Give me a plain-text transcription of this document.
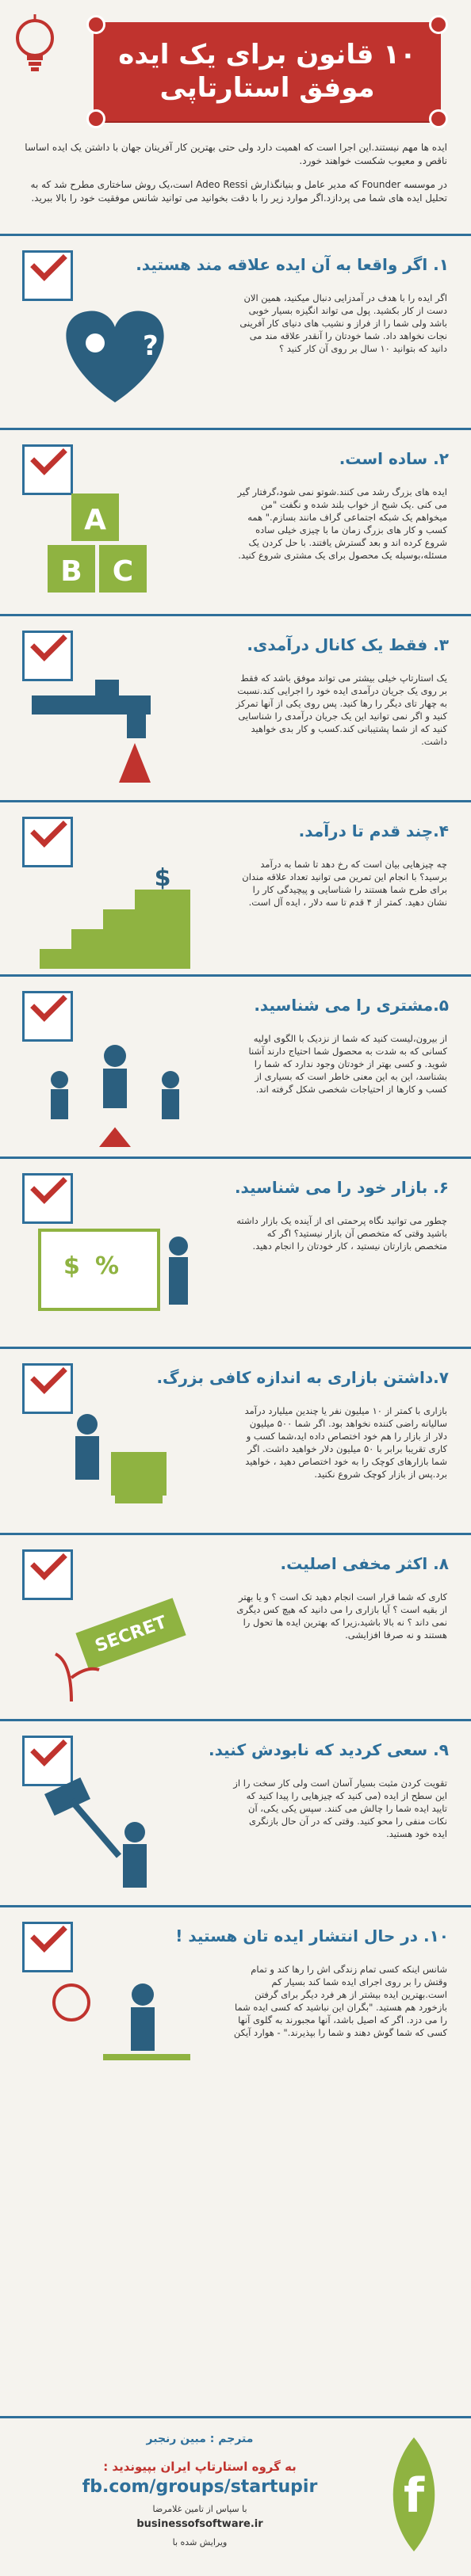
۱۰ قانون برای یک ایده
موفق استارتاپی
ایده ها مهم نیستند.این اجرا است که اهمیت دارد ولی حتی بهترین کار آفرینان جهان با داشتن یک ایده اساسا ناقص و معیوب شکست خواهند خورد.
در موسسه Founder که مدیر عامل و بنیانگذارش Adeo Ressi است،یک روش ساختاری مطرح شد که به تحلیل ایده های شما می پردازد.اگر موارد زیر را با دقت بخوانید می توانید شانس موفقیت خود را بالا ببرید.
۱. اگر واقعا به آن ایده علاقه مند هستید.
اگر ایده را با هدف در آمدزایی دنبال میکنید، همین الان دست از کار بکشید. پول می تواند انگیزه بسیار خوبی باشد ولی شما را از فراز و نشیب های دنیای کار آفرینی نجات نخواهد داد. شما خودتان را آنقدر علاقه مند می دانید که بتوانید ۱۰ سال بر روی آن کار کنید ؟
?
۲. ساده است.
ایده های بزرگ رشد می کنند.شوتو نمی شود،گرفتار گیر می کنی .یک شبح از خواب بلند شده و نگفت "من میخواهم یک شبکه اجتماعی گراف مانند بسازم." همه کسب و کار های بزرگ زمان ما با چیزی خیلی ساده شروع کرده اند و بعد گسترش یافتند. با حل کردن یک مسئله،بوسیله یک محصول برای یک مشتری شروع کنید.
A
B C
۳. فقط یک کانال درآمدی.
یک استارتاپ خیلی بیشتر می تواند موفق باشد که فقط بر روی یک جریان درآمدی ایده خود را اجرایی کند.نسبت به چهار تای دیگر را رها کنید. پس روی یکی از آنها تمرکز کنید و اگر نمی توانید این یک جریان درآمدی را شناسایی کنید که از شما پشتیبانی کند.کسب و کار بدی خواهید داشت.
۴.چند قدم تا درآمد.
چه چیزهایی بیان است که رخ دهد تا شما به درآمد برسید؟ با انجام این تمرین می توانید تعداد علاقه مندان برای طرح شما هستند را شناسایی و پیچیدگی کار را نشان دهید. کمتر از ۴ قدم تا سه دلار ، ایده آل است.
$
۵.مشتری را می شناسید.
از بیرون،لیست کنید که شما از نزدیک با الگوی اولیه کسانی که به شدت به محصول شما احتیاج دارند آشنا شوید. و کسی بهتر از خودتان وجود ندارد که شما را بشناسد، این به این معنی خاطر است که بسیاری از کسب و کارها از احتیاجات شخصی شکل گرفته اند.
۶. بازار خود را می شناسید.
چطور می توانید نگاه پرحمتی ای از آینده یک بازار داشته باشید وقتی که متخصص آن بازار نیستید؟ اگر که متخصص بازارتان نیستید ، کار خودتان را انجام دهید.
$ %
۷.داشتن بازاری به اندازه کافی بزرگ.
بازاری با کمتر از ۱۰ میلیون نفر یا چندین میلیارد درآمد سالیانه راضی کننده نخواهد بود. اگر شما ۵۰۰ میلیون دلار از بازار را هم خود اختصاص داده اید،شما کسب و کاری تقریبا برابر با ۵۰ میلیون دلار خواهید داشت. اگر شما بازارهای کوچک را به خود اختصاص دهید ، خواهید برد.پس از بازار کوچک شروع نکنید.
۸. اکثر مخفی اصلیت.
کاری که شما قرار است انجام دهید تک است ؟ و یا بهتر از بقیه است ؟ آیا بازاری را می دانید که هیچ کس دیگری نمی داند ؟ نه بالا باشید،زیرا که بهترین ایده ها تحول را هستند و نه صرفا افزایشی.
SECRET
۹. سعی کردید که نابودش کنید.
تقویت کردن مثبت بسیار آسان است ولی کار سخت را از این سطح از ایده (می کنید که چیزهایی را پیدا کنید که تایید ایده شما را چالش می کنند. سپس یکی یکی، آن نکات منفی را محو کنید. وقتی که در آن حال بازنگری ایده خود هستید.
۱۰. در حال انتشار ایده تان هستید !
شانس اینکه کسی تمام زندگی اش را رها کند و تمام وقتش را بر روی اجرای ایده شما کند بسیار کم است.بهترین ایده بیشتر از هر فرد دیگر برای گرفتن بازخورد هم هستید. "بگران این نباشید که کسی ایده شما را می دزد. اگر که اصیل باشد، آنها مجبورند به گلوی آنها کسی که شما گوش دهند و شما را بپذیرند." - هوارد آیکن
مترجم : مبین رنجبر
به گروه استارتاپ ایران بپیوندید :
fb.com/groups/startupir
با سپاس از تامین غلامرضا
businessofsoftware.ir
ویرایش شده با
f
